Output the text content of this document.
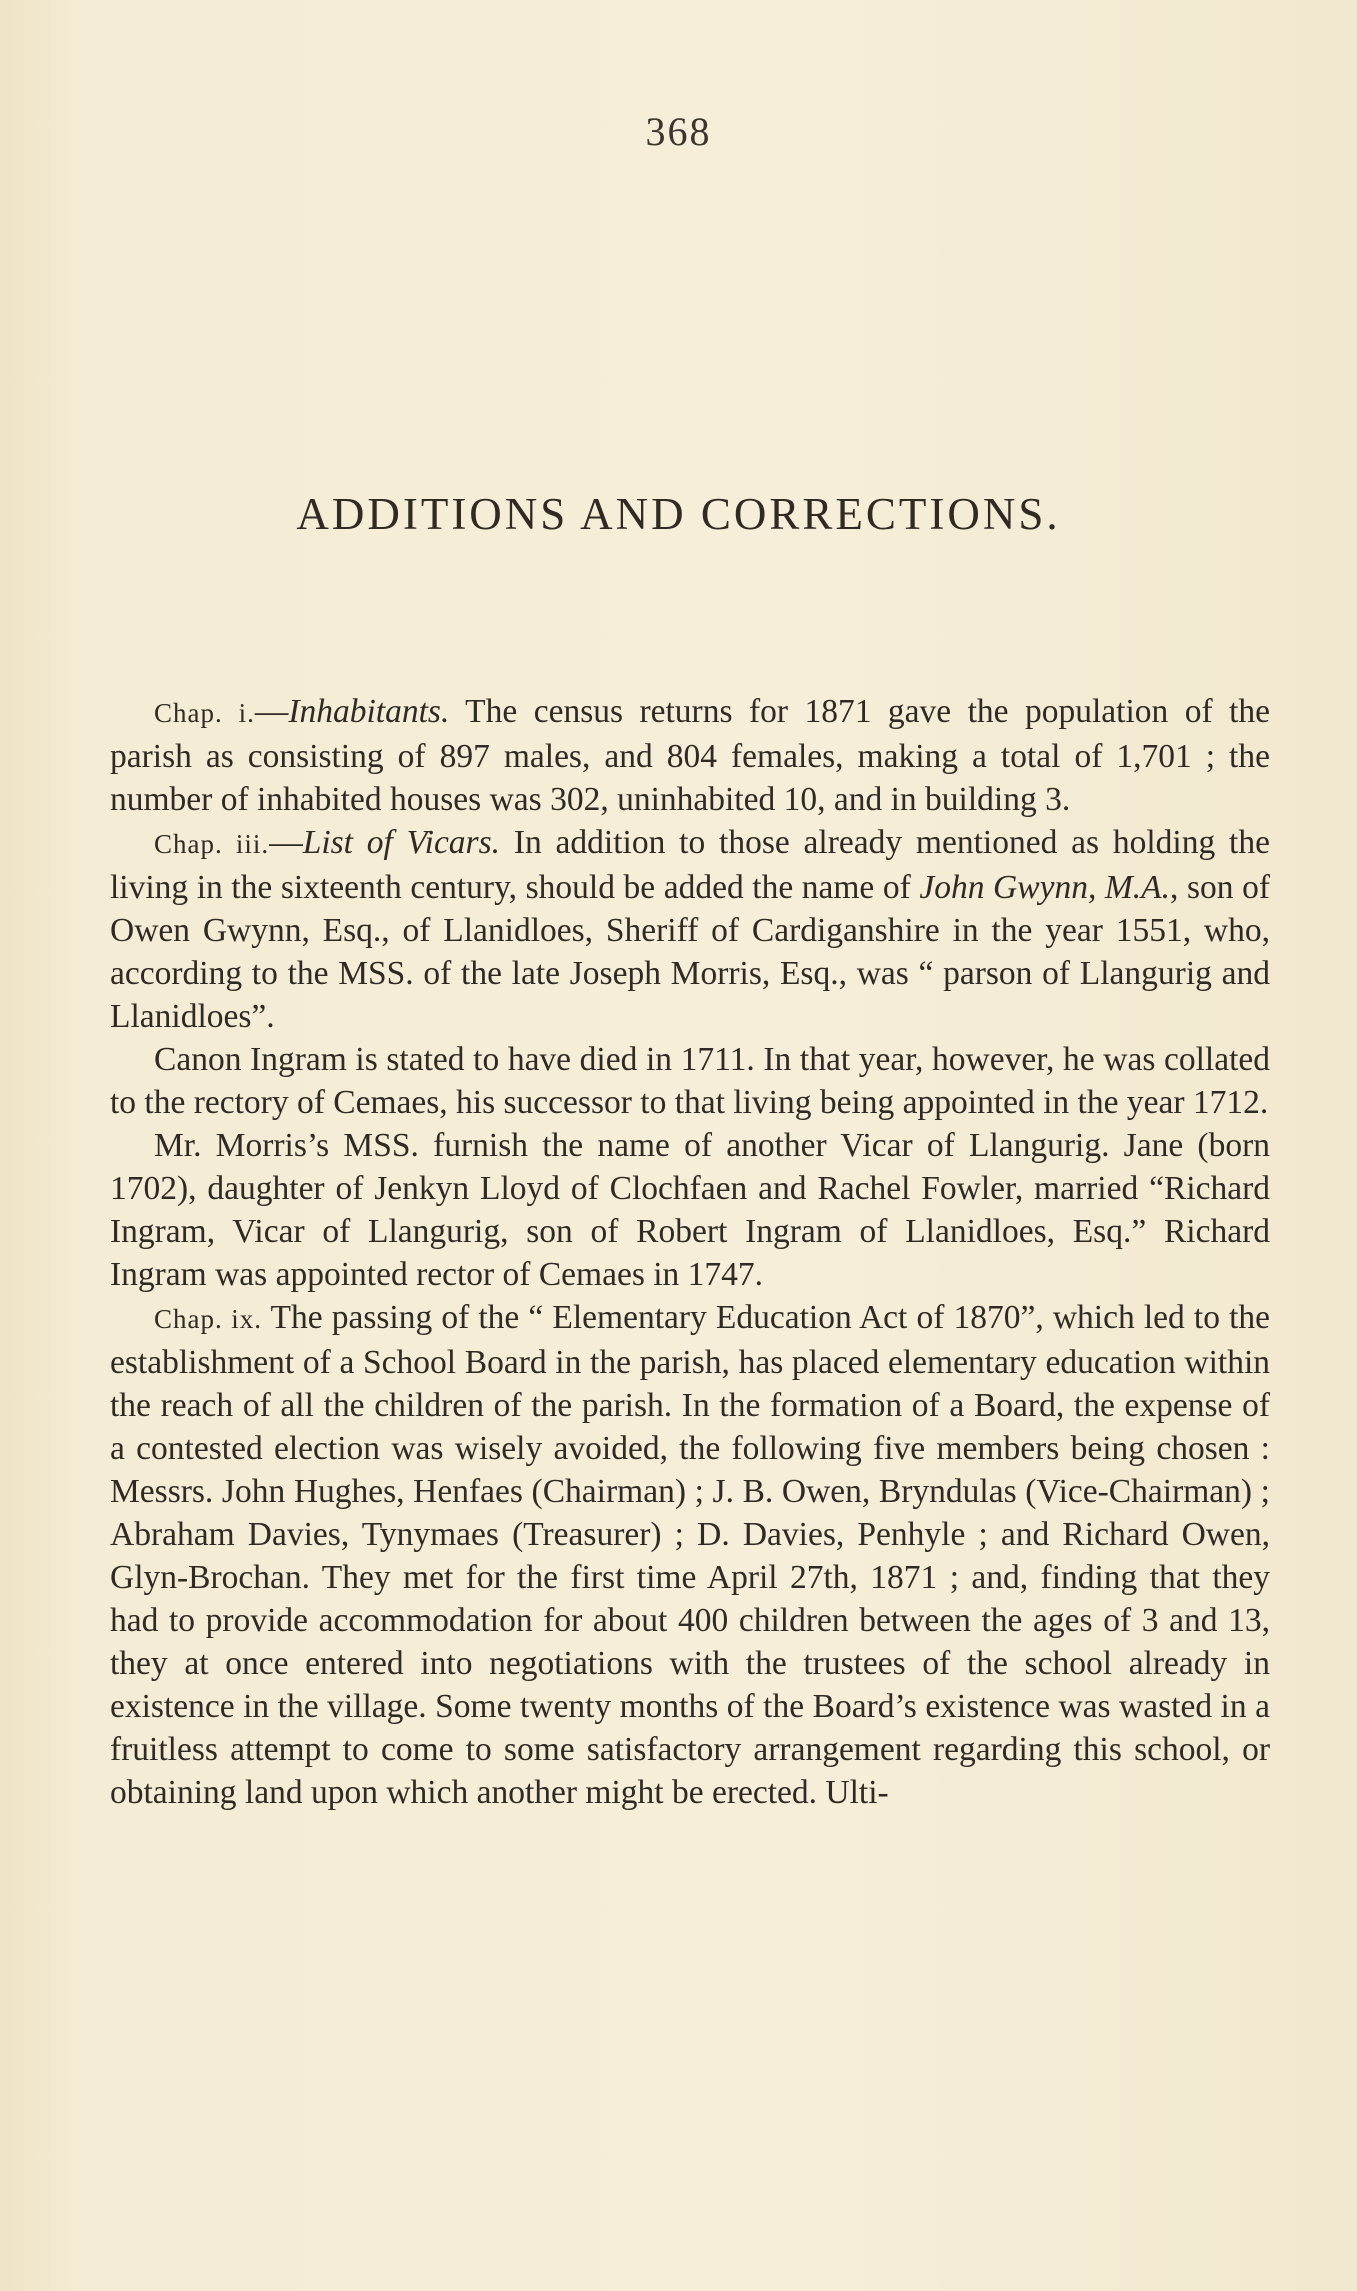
368
ADDITIONS AND CORRECTIONS.

Chap. i.—Inhabitants. The census returns for 1871 gave the population of the parish as consisting of 897 males, and 804 females, making a total of 1,701 ; the number of inhabited houses was 302, uninhabited 10, and in building 3.

Chap. iii.—List of Vicars. In addition to those already mentioned as holding the living in the sixteenth century, should be added the name of John Gwynn, M.A., son of Owen Gwynn, Esq., of Llanidloes, Sheriff of Cardiganshire in the year 1551, who, according to the MSS. of the late Joseph Morris, Esq., was “ parson of Llangurig and Llanidloes”.

Canon Ingram is stated to have died in 1711. In that year, however, he was collated to the rectory of Cemaes, his successor to that living being appointed in the year 1712.

Mr. Morris’s MSS. furnish the name of another Vicar of Llangurig. Jane (born 1702), daughter of Jenkyn Lloyd of Clochfaen and Rachel Fowler, married “Richard Ingram, Vicar of Llangurig, son of Robert Ingram of Llanidloes, Esq.” Richard Ingram was appointed rector of Cemaes in 1747.

Chap. ix. The passing of the “ Elementary Education Act of 1870”, which led to the establishment of a School Board in the parish, has placed elementary education within the reach of all the children of the parish. In the formation of a Board, the expense of a contested election was wisely avoided, the following five members being chosen : Messrs. John Hughes, Henfaes (Chairman) ; J. B. Owen, Bryndulas (Vice-Chairman) ; Abraham Davies, Tynymaes (Treasurer) ; D. Davies, Penhyle ; and Richard Owen, Glyn-Brochan. They met for the first time April 27th, 1871 ; and, finding that they had to provide accommodation for about 400 children between the ages of 3 and 13, they at once entered into negotiations with the trustees of the school already in existence in the village. Some twenty months of the Board’s existence was wasted in a fruitless attempt to come to some satisfactory arrangement regarding this school, or obtaining land upon which another might be erected. Ulti-
